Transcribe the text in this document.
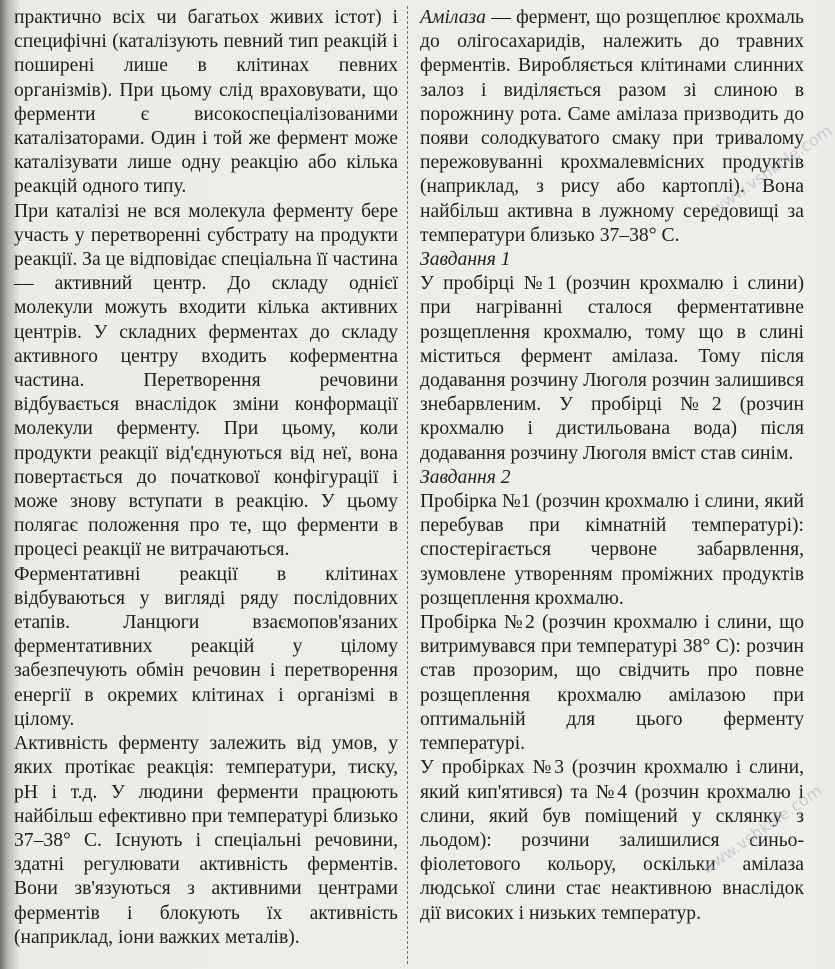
практично всіх чи багатьох живих істот) і специфічні (каталізують певний тип реакцій і поширені лише в клітинах певних організмів). При цьому слід враховувати, що ферменти є високоспеціалізованими каталізаторами. Один і той же фермент може каталізувати лише одну реакцію або кілька реакцій одного типу.

При каталізі не вся молекула ферменту бере участь у перетворенні субстрату на продукти реакції. За це відповідає спеціальна її частина — активний центр. До складу однієї молекули можуть входити кілька активних центрів. У складних ферментах до складу активного центру входить коферментна частина. Перетворення речовини відбувається внаслідок зміни конформації молекули ферменту. При цьому, коли продукти реакції від'єднуються від неї, вона повертається до початкової конфігурації і може знову вступати в реакцію. У цьому полягає положення про те, що ферменти в процесі реакції не витрачаються.

Ферментативні реакції в клітинах відбуваються у вигляді ряду послідовних етапів. Ланцюги взаємопов'язаних ферментативних реакцій у цілому забезпечують обмін речовин і перетворення енергії в окремих клітинах і організмі в цілому.

Активність ферменту залежить від умов, у яких протікає реакція: температури, тиску, pH і т.д. У людини ферменти працюють найбільш ефективно при температурі близько 37–38° С. Існують і спеціальні речовини, здатні регулювати активність ферментів. Вони зв'язуються з активними центрами ферментів і блокують їх активність (наприклад, іони важких металів).

Амілаза — фермент, що розщеплює крохмаль до олігосахаридів, належить до травних ферментів. Виробляється клітинами слинних залоз і виділяється разом зі слиною в порожнину рота. Саме амілаза призводить до появи солодкуватого смаку при тривалому пережовуванні крохмалевмісних продуктів (наприклад, з рису або картоплі). Вона найбільш активна в лужному середовищі за температури близько 37–38° С.

Завдання 1

У пробірці №1 (розчин крохмалю і слини) при нагріванні сталося ферментативне розщеплення крохмалю, тому що в слині міститься фермент амілаза. Тому після додавання розчину Люголя розчин залишився знебарвленим. У пробірці №2 (розчин крохмалю і дистильована вода) після додавання розчину Люголя вміст став синім.

Завдання 2

Пробірка №1 (розчин крохмалю і слини, який перебував при кімнатній температурі): спостерігається червоне забарвлення, зумовлене утворенням проміжних продуктів розщеплення крохмалю.

Пробірка №2 (розчин крохмалю і слини, що витримувався при температурі 38° С): розчин став прозорим, що свідчить про повне розщеплення крохмалю амілазою при оптимальній для цього ферменту температурі.

У пробірках №3 (розчин крохмалю і слини, який кип'ятився) та №4 (розчин крохмалю і слини, який був поміщений у склянку з льодом): розчини залишилися синьо-фіолетового кольору, оскільки амілаза людської слини стає неактивною внаслідок дії високих і низьких температур.

www.vshkole.com
www.vshkole.com
